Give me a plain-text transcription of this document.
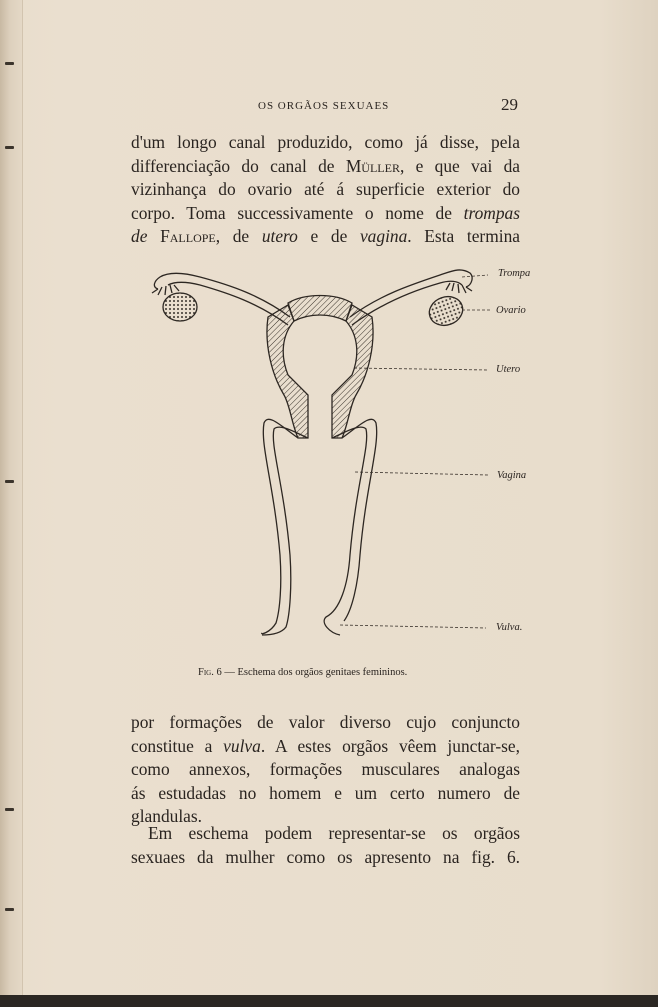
OS ORGÃOS SEXUAES	29
d'um longo canal produzido, como já disse, pela
differenciação do canal de Müller, e que vai da
vizinhança do ovario até á superficie exterior do
corpo. Toma successivamente o nome de trompas
de Fallope, de utero e de vagina. Esta termina
Trompa
Ovario
Utero
Vagina
Vulva.
Fig. 6 — Eschema dos orgãos genitaes femininos.
por formações de valor diverso cujo conjuncto
constitue a vulva. A estes orgãos vêem junctar-se,
como annexos, formações musculares analogas
ás estudadas no homem e um certo numero de
glandulas.
Em eschema podem representar-se os orgãos
sexuaes da mulher como os apresento na fig. 6.
